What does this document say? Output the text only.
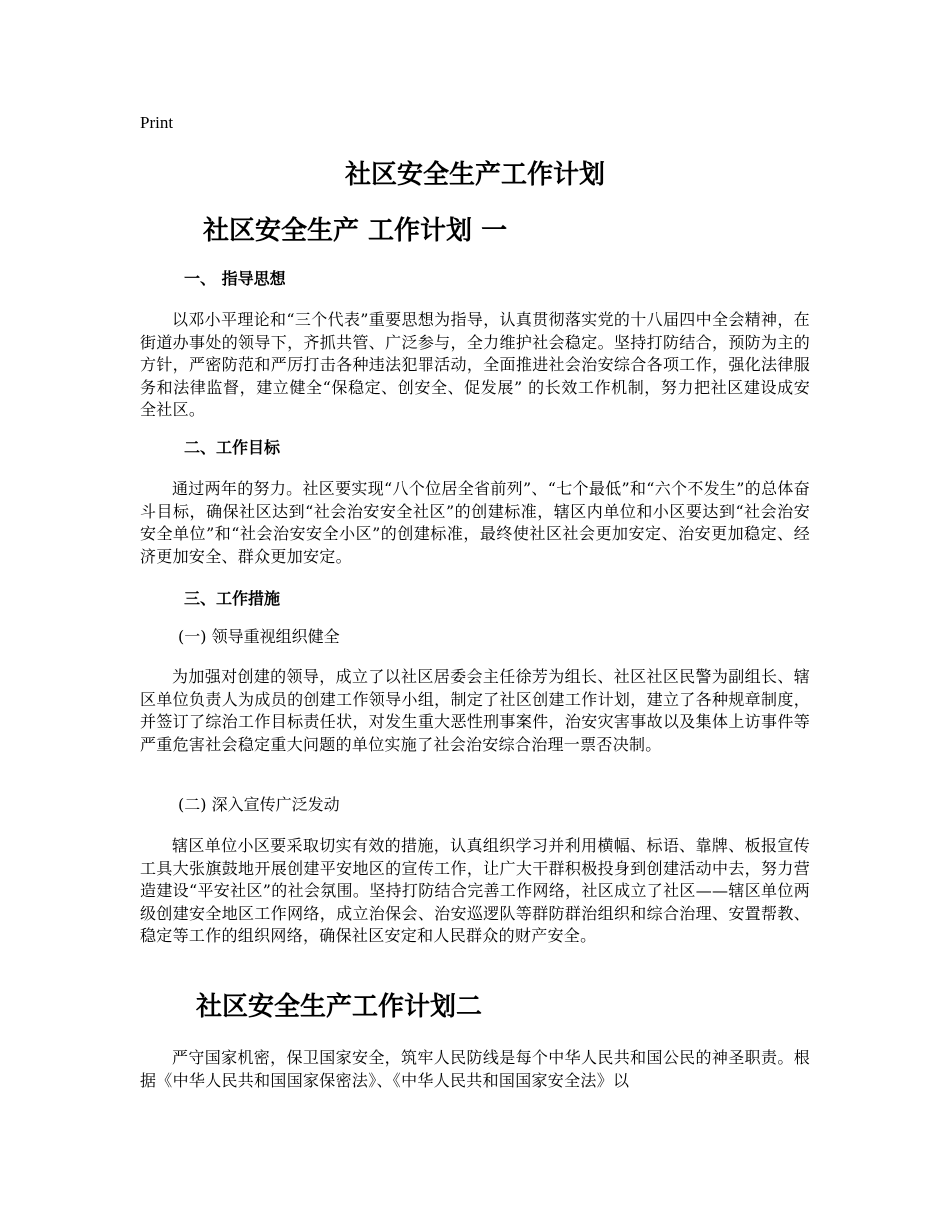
Print
社区安全生产工作计划
社区安全生产 工作计划 一
一、 指导思想

以邓小平理论和“三个代表”重要思想为指导，认真贯彻落实党的十八届四中全会精神，在街道办事处的领导下，齐抓共管、广泛参与，全力维护社会稳定。坚持打防结合，预防为主的方针，严密防范和严厉打击各种违法犯罪活动，全面推进社会治安综合各项工作，强化法律服务和法律监督，建立健全“保稳定、创安全、促发展” 的长效工作机制，努力把社区建设成安全社区。

二、工作目标

通过两年的努力。社区要实现“八个位居全省前列”、“七个最低”和“六个不发生”的总体奋斗目标，确保社区达到“社会治安安全社区”的创建标准，辖区内单位和小区要达到“社会治安安全单位”和“社会治安安全小区”的创建标准，最终使社区社会更加安定、治安更加稳定、经济更加安全、群众更加安定。

三、工作措施
(一) 领导重视组织健全

为加强对创建的领导，成立了以社区居委会主任徐芳为组长、社区社区民警为副组长、辖区单位负责人为成员的创建工作领导小组，制定了社区创建工作计划，建立了各种规章制度，并签订了综治工作目标责任状，对发生重大恶性刑事案件，治安灾害事故以及集体上访事件等严重危害社会稳定重大问题的单位实施了社会治安综合治理一票否决制。

(二) 深入宣传广泛发动

辖区单位小区要采取切实有效的措施，认真组织学习并利用横幅、标语、靠牌、板报宣传工具大张旗鼓地开展创建平安地区的宣传工作，让广大干群积极投身到创建活动中去，努力营造建设“平安社区”的社会氛围。坚持打防结合完善工作网络，社区成立了社区——辖区单位两级创建安全地区工作网络，成立治保会、治安巡逻队等群防群治组织和综合治理、安置帮教、稳定等工作的组织网络，确保社区安定和人民群众的财产安全。

社区安全生产工作计划二

严守国家机密，保卫国家安全，筑牢人民防线是每个中华人民共和国公民的神圣职责。根据《中华人民共和国国家保密法》、《中华人民共和国国家安全法》以
